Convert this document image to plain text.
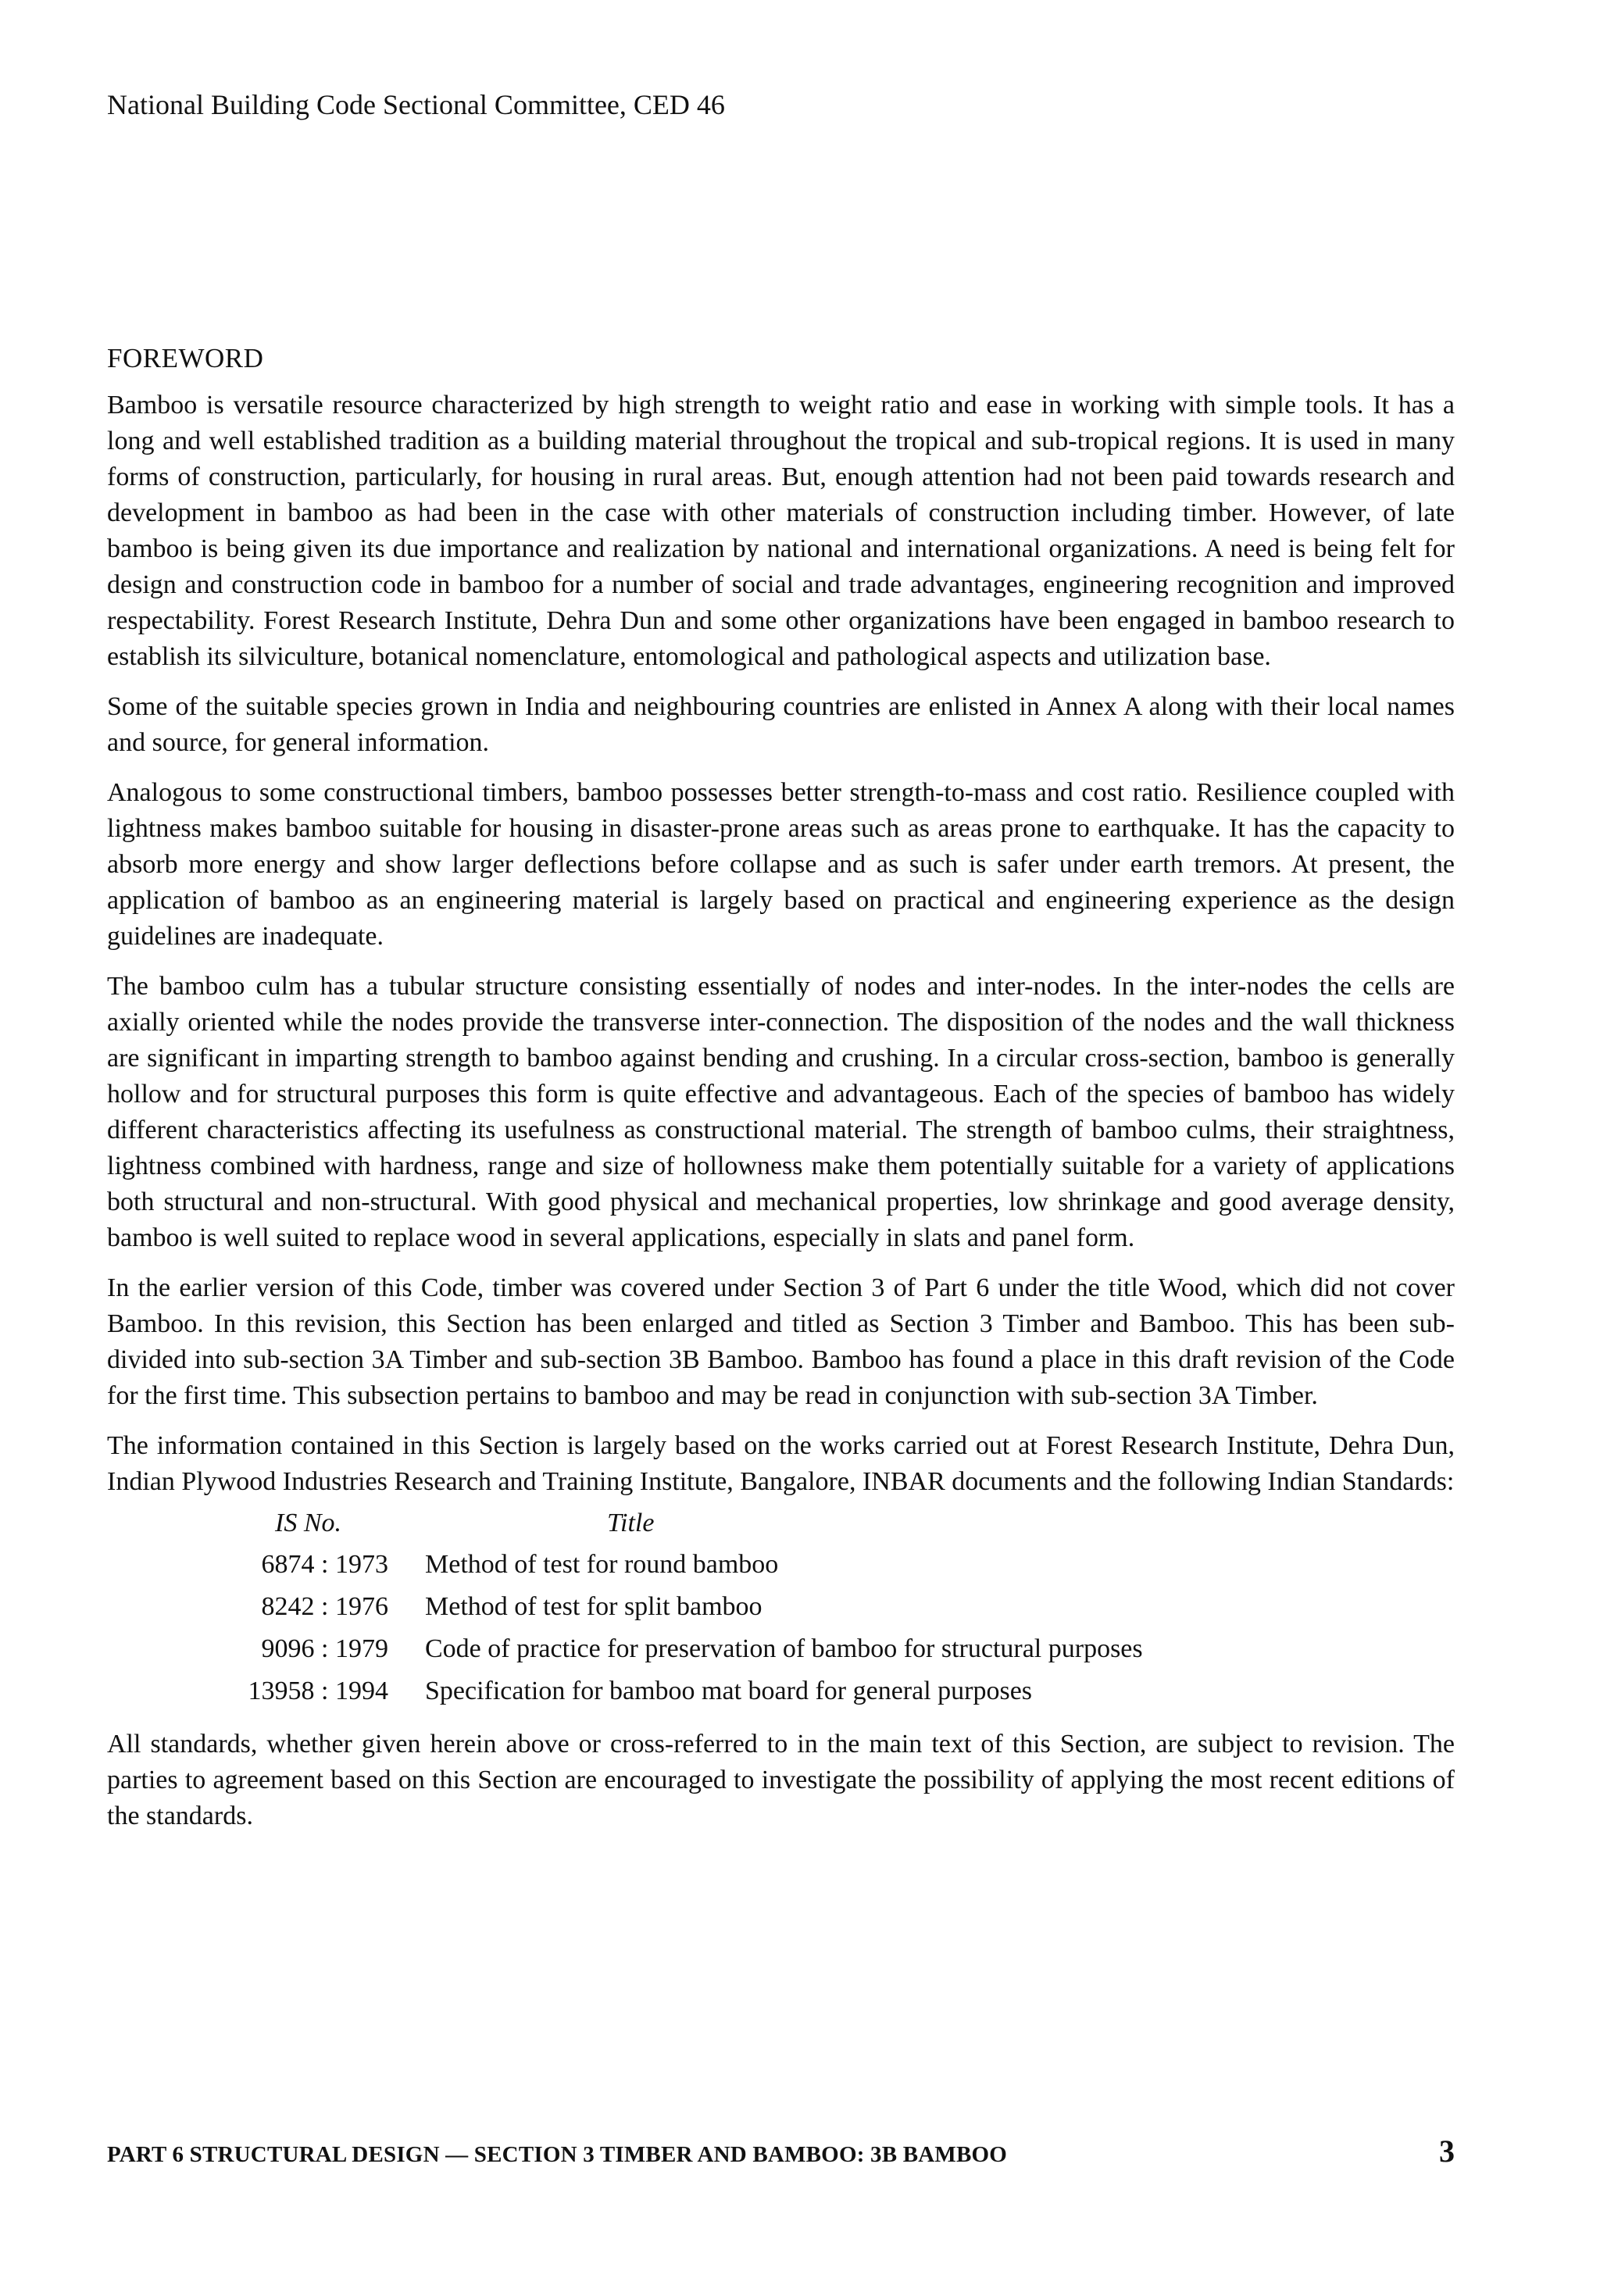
National Building Code Sectional Committee, CED 46
FOREWORD

Bamboo is versatile resource characterized by high strength to weight ratio and ease in working with simple tools. It has a long and well established tradition as a building material throughout the tropical and sub-tropical regions. It is used in many forms of construction, particularly, for housing in rural areas. But, enough attention had not been paid towards research and development in bamboo as had been in the case with other materials of construction including timber. However, of late bamboo is being given its due importance and realization by national and international organizations. A need is being felt for design and construction code in bamboo for a number of social and trade advantages, engineering recognition and improved respectability. Forest Research Institute, Dehra Dun and some other organizations have been engaged in bamboo research to establish its silviculture, botanical nomenclature, entomological and pathological aspects and utilization base.

Some of the suitable species grown in India and neighbouring countries are enlisted in Annex A along with their local names and source, for general information.

Analogous to some constructional timbers, bamboo possesses better strength-to-mass and cost ratio. Resilience coupled with lightness makes bamboo suitable for housing in disaster-prone areas such as areas prone to earthquake. It has the capacity to absorb more energy and show larger deflections before collapse and as such is safer under earth tremors. At present, the application of bamboo as an engineering material is largely based on practical and engineering experience as the design guidelines are inadequate.

The bamboo culm has a tubular structure consisting essentially of nodes and inter-nodes. In the inter-nodes the cells are axially oriented while the nodes provide the transverse inter-connection. The disposition of the nodes and the wall thickness are significant in imparting strength to bamboo against bending and crushing. In a circular cross-section, bamboo is generally hollow and for structural purposes this form is quite effective and advantageous. Each of the species of bamboo has widely different characteristics affecting its usefulness as constructional material. The strength of bamboo culms, their straightness, lightness combined with hardness, range and size of hollowness make them potentially suitable for a variety of applications both structural and non-structural. With good physical and mechanical properties, low shrinkage and good average density, bamboo is well suited to replace wood in several applications, especially in slats and panel form.

In the earlier version of this Code, timber was covered under Section 3 of Part 6 under the title Wood, which did not cover Bamboo. In this revision, this Section has been enlarged and titled as Section 3 Timber and Bamboo. This has been sub-divided into sub-section 3A Timber and sub-section 3B Bamboo. Bamboo has found a place in this draft revision of the Code for the first time. This subsection pertains to bamboo and may be read in conjunction with sub-section 3A Timber.

The information contained in this Section is largely based on the works carried out at Forest Research Institute, Dehra Dun, Indian Plywood Industries Research and Training Institute, Bangalore, INBAR documents and the following Indian Standards:

IS No.	Title	
6874 : 1973		Method of test for round bamboo
8242 : 1976		Method of test for split bamboo
9096 : 1979		Code of practice for preservation of bamboo for structural purposes
13958 : 1994		Specification for bamboo mat board for general purposes

All standards, whether given herein above or cross-referred to in the main text of this Section, are subject to revision. The parties to agreement based on this Section are encouraged to investigate the possibility of applying the most recent editions of the standards.

PART 6 STRUCTURAL DESIGN — SECTION 3 TIMBER AND BAMBOO: 3B BAMBOO	3
